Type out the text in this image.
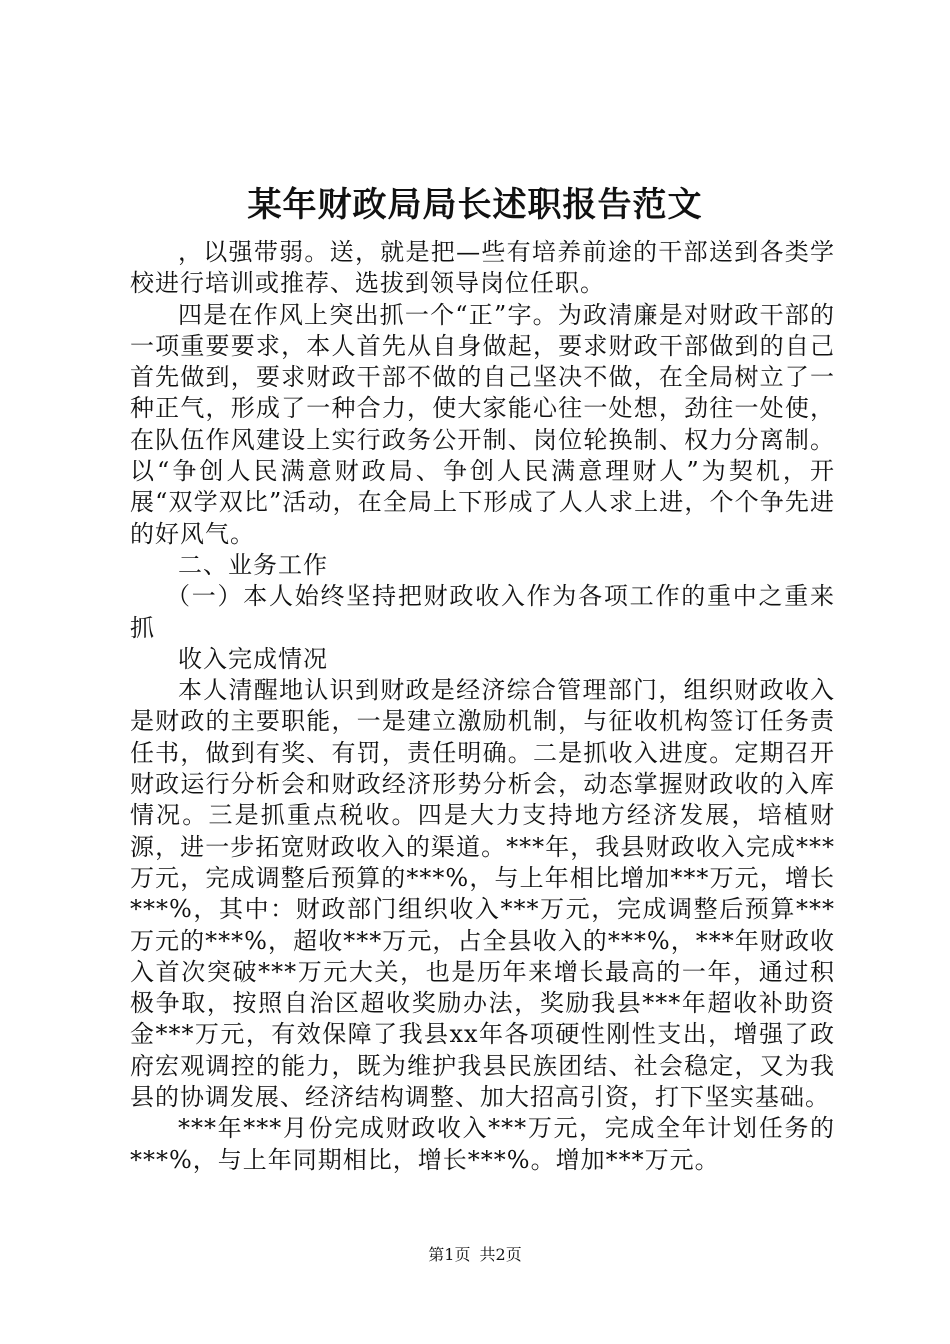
某年财政局局长述职报告范文

，以强带弱。送，就是把—些有培养前途的干部送到各类学校进行培训或推荐、选拔到领导岗位任职。

四是在作风上突出抓一个“正”字。为政清廉是对财政干部的一项重要要求，本人首先从自身做起，要求财政干部做到的自己首先做到，要求财政干部不做的自己坚决不做，在全局树立了一种正气，形成了一种合力，使大家能心往一处想，劲往一处使，在队伍作风建设上实行政务公开制、岗位轮换制、权力分离制。以“争创人民满意财政局、争创人民满意理财人”为契机，开展“双学双比”活动，在全局上下形成了人人求上进，个个争先进的好风气。

二、业务工作

（一）本人始终坚持把财政收入作为各项工作的重中之重来抓

收入完成情况

本人清醒地认识到财政是经济综合管理部门，组织财政收入是财政的主要职能，一是建立激励机制，与征收机构签订任务责任书，做到有奖、有罚，责任明确。二是抓收入进度。定期召开财政运行分析会和财政经济形势分析会，动态掌握财政收的入库情况。三是抓重点税收。四是大力支持地方经济发展，培植财源，进一步拓宽财政收入的渠道。***年，我县财政收入完成***万元，完成调整后预算的***%，与上年相比增加***万元，增长***%，其中：财政部门组织收入***万元，完成调整后预算***万元的***%，超收***万元，占全县收入的***%，***年财政收入首次突破***万元大关，也是历年来增长最高的一年，通过积极争取，按照自治区超收奖励办法，奖励我县***年超收补助资金***万元，有效保障了我县xx年各项硬性刚性支出，增强了政府宏观调控的能力，既为维护我县民族团结、社会稳定，又为我县的协调发展、经济结构调整、加大招高引资，打下坚实基础。

***年***月份完成财政收入***万元，完成全年计划任务的***%，与上年同期相比，增长***%。增加***万元。

第1页 共2页
